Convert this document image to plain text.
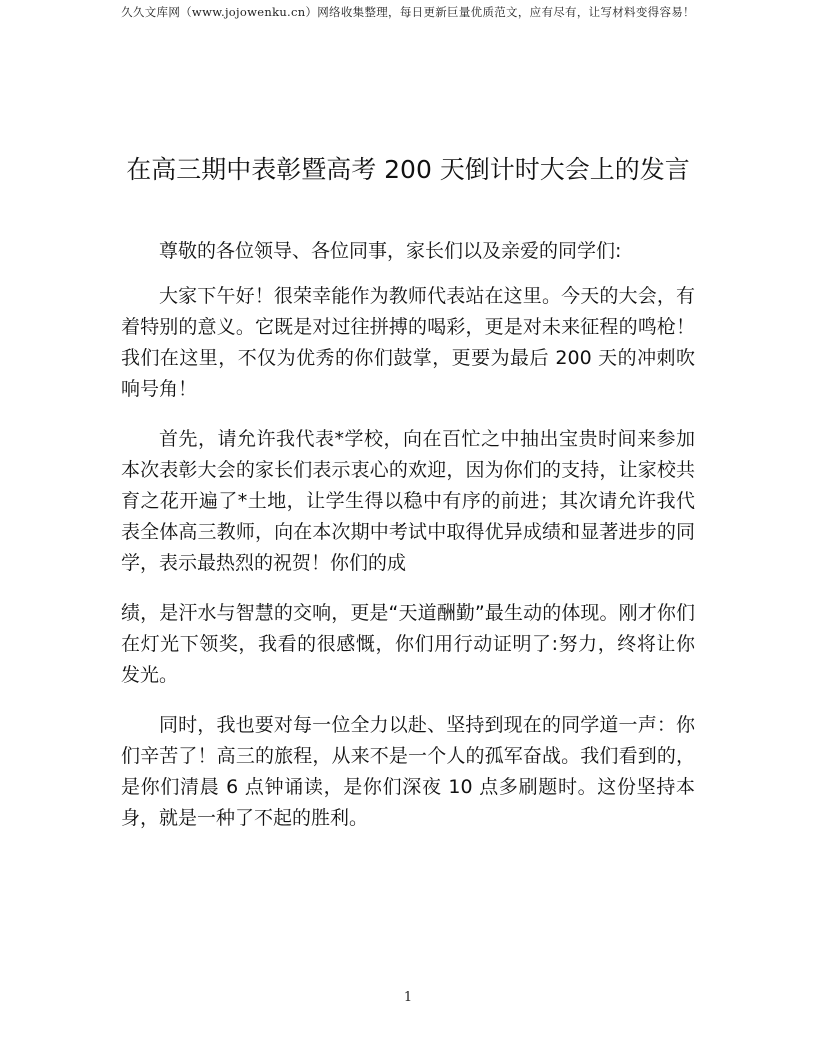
久久文库网（www.jojowenku.cn）网络收集整理，每日更新巨量优质范文，应有尽有，让写材料变得容易！
在高三期中表彰暨高考 200 天倒计时大会上的发言

尊敬的各位领导、各位同事，家长们以及亲爱的同学们:

大家下午好！很荣幸能作为教师代表站在这里。今天的大会，有着特别的意义。它既是对过往拼搏的喝彩，更是对未来征程的鸣枪！我们在这里，不仅为优秀的你们鼓掌，更要为最后 200 天的冲刺吹响号角！

首先，请允许我代表*学校，向在百忙之中抽出宝贵时间来参加本次表彰大会的家长们表示衷心的欢迎，因为你们的支持，让家校共育之花开遍了*土地，让学生得以稳中有序的前进；其次请允许我代表全体高三教师，向在本次期中考试中取得优异成绩和显著进步的同学，表示最热烈的祝贺！你们的成

绩，是汗水与智慧的交响，更是“天道酬勤”最生动的体现。刚才你们在灯光下领奖，我看的很感慨，你们用行动证明了:努力，终将让你发光。

同时，我也要对每一位全力以赴、坚持到现在的同学道一声：你们辛苦了！高三的旅程，从来不是一个人的孤军奋战。我们看到的，是你们清晨 6 点钟诵读，是你们深夜 10 点多刷题时。这份坚持本身，就是一种了不起的胜利。

1
